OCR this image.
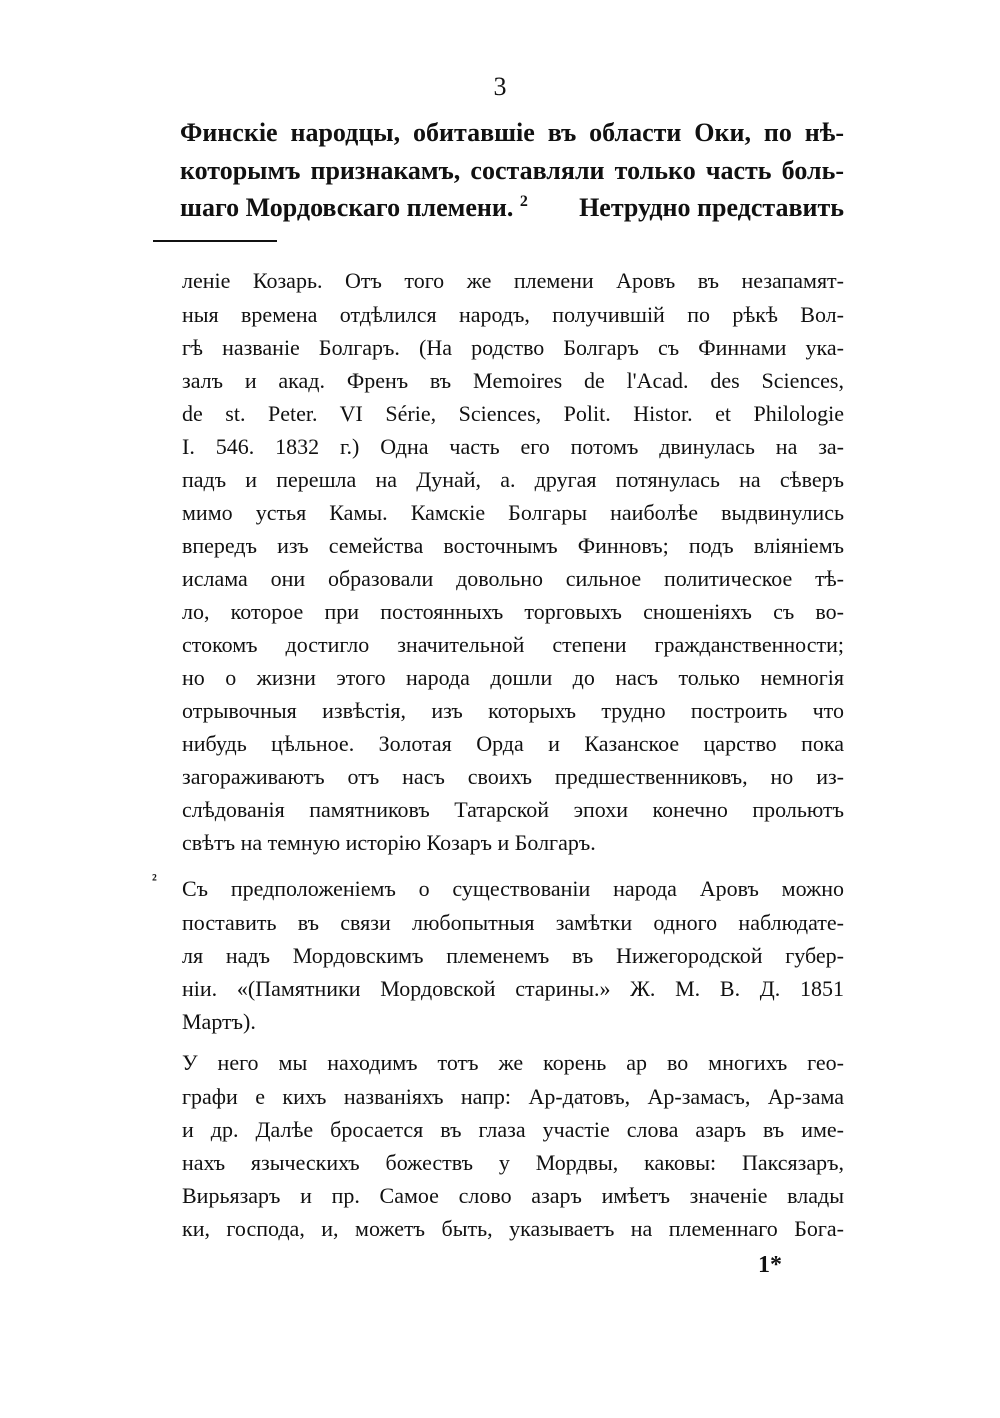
3
Финскіе народцы, обитавшіе въ области Оки, по нѣ-
которымъ признакамъ, составляли только часть боль-
шаго Мордовскаго племени. $^2$ Нетрудно представить
леніе Козарь. Отъ того же племени Аровъ въ незапамят-
ныя времена отдѣлился народъ, получившій по рѣкѣ Вол-
гѣ названіе Болгаръ. (На родство Болгаръ съ Финнами ука-
залъ и акад. Френъ въ Memoires de l'Acad. des Sciences,
de st. Peter. VI Série, Sciences, Polit. Histor. et Philologie
I. 546. 1832 г.) Одна часть его потомъ двинулась на за-
падъ и перешла на Дунай, а. другая потянулась на сѣверъ
мимо устья Камы. Камскіе Болгары наиболѣе выдвинулись
впередъ изъ семейства восточнымъ Финновъ; подъ вліяніемъ
ислама они образовали довольно сильное политическое тѣ-
ло, которое при постоянныхъ торговыхъ сношеніяхъ съ во-
стокомъ достигло значительной степени гражданственности;
но о жизни этого народа дошли до насъ только немногія
отрывочныя извѣстія, изъ которыхъ трудно построить что
нибудь цѣльное. Золотая Орда и Казанское царство пока
загораживаютъ отъ насъ своихъ предшественниковъ, но из-
слѣдованія памятниковъ Татарской эпохи конечно прольютъ
свѣтъ на темную исторію Козаръ и Болгаръ.
² Съ предположеніемъ о существованіи народа Аровъ можно
поставить въ связи любопытныя замѣтки одного наблюдате-
ля надъ Мордовскимъ племенемъ въ Нижегородской губер-
ніи. «(Памятники Мордовской старины.» Ж. М. В. Д. 1851
Мартъ).
У него мы находимъ тотъ же корень ар во многихъ гео-
графи е кихъ названіяхъ напр: Ар-датовъ, Ар-замасъ, Ар-зама
и др. Далѣе бросается въ глаза участіе слова азаръ въ име-
нахъ языческихъ божествъ у Мордвы, каковы: Паксязаръ,
Вирьязаръ и пр. Самое слово азаръ имѣетъ значеніе влады
ки, господа, и, можетъ быть, указываетъ на племеннаго Бога-
1*
